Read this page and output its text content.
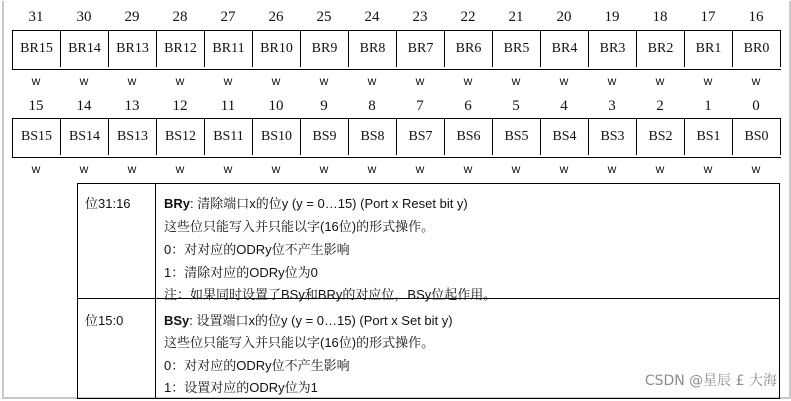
31	30	29	28	27	26	25	24	23	22	21	20	19	18	17	16
BR15	BR14	BR13	BR12	BR11	BR10	BR9	BR8	BR7	BR6	BR5	BR4	BR3	BR2	BR1	BR0
w	w	w	w	w	w	w	w	w	w	w	w	w	w	w	w
15	14	13	12	11	10	9	8	7	6	5	4	3	2	1	0
BS15	BS14	BS13	BS12	BS11	BS10	BS9	BS8	BS7	BS6	BS5	BS4	BS3	BS2	BS1	BS0
w	w	w	w	w	w	w	w	w	w	w	w	w	w	w	w
位31:16	BRy: 清除端口x的位y (y = 0…15) (Port x Reset bit y)
这些位只能写入并只能以字(16位)的形式操作。
0：对对应的ODRy位不产生影响
1：清除对应的ODRy位为0
注：如果同时设置了BSy和BRy的对应位，BSy位起作用。
位15:0	BSy: 设置端口x的位y (y = 0…15) (Port x Set bit y)
这些位只能写入并只能以字(16位)的形式操作。
0：对对应的ODRy位不产生影响
1：设置对应的ODRy位为1	CSDN @星辰 £ 大海
